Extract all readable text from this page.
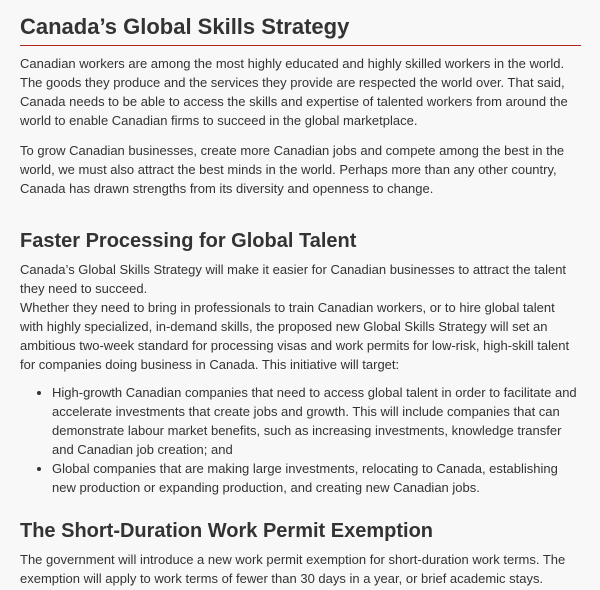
Canada’s Global Skills Strategy

Canadian workers are among the most highly educated and highly skilled workers in the world. The goods they produce and the services they provide are respected the world over. That said, Canada needs to be able to access the skills and expertise of talented workers from around the world to enable Canadian firms to succeed in the global marketplace.

To grow Canadian businesses, create more Canadian jobs and compete among the best in the world, we must also attract the best minds in the world. Perhaps more than any other country, Canada has drawn strengths from its diversity and openness to change.

Faster Processing for Global Talent

Canada’s Global Skills Strategy will make it easier for Canadian businesses to attract the talent they need to succeed.

Whether they need to bring in professionals to train Canadian workers, or to hire global talent with highly specialized, in-demand skills, the proposed new Global Skills Strategy will set an ambitious two-week standard for processing visas and work permits for low-risk, high-skill talent for companies doing business in Canada. This initiative will target:

• High-growth Canadian companies that need to access global talent in order to facilitate and accelerate investments that create jobs and growth. This will include companies that can demonstrate labour market benefits, such as increasing investments, knowledge transfer and Canadian job creation; and
• Global companies that are making large investments, relocating to Canada, establishing new production or expanding production, and creating new Canadian jobs.
The Short-Duration Work Permit Exemption

The government will introduce a new work permit exemption for short-duration work terms. The exemption will apply to work terms of fewer than 30 days in a year, or brief academic stays.
